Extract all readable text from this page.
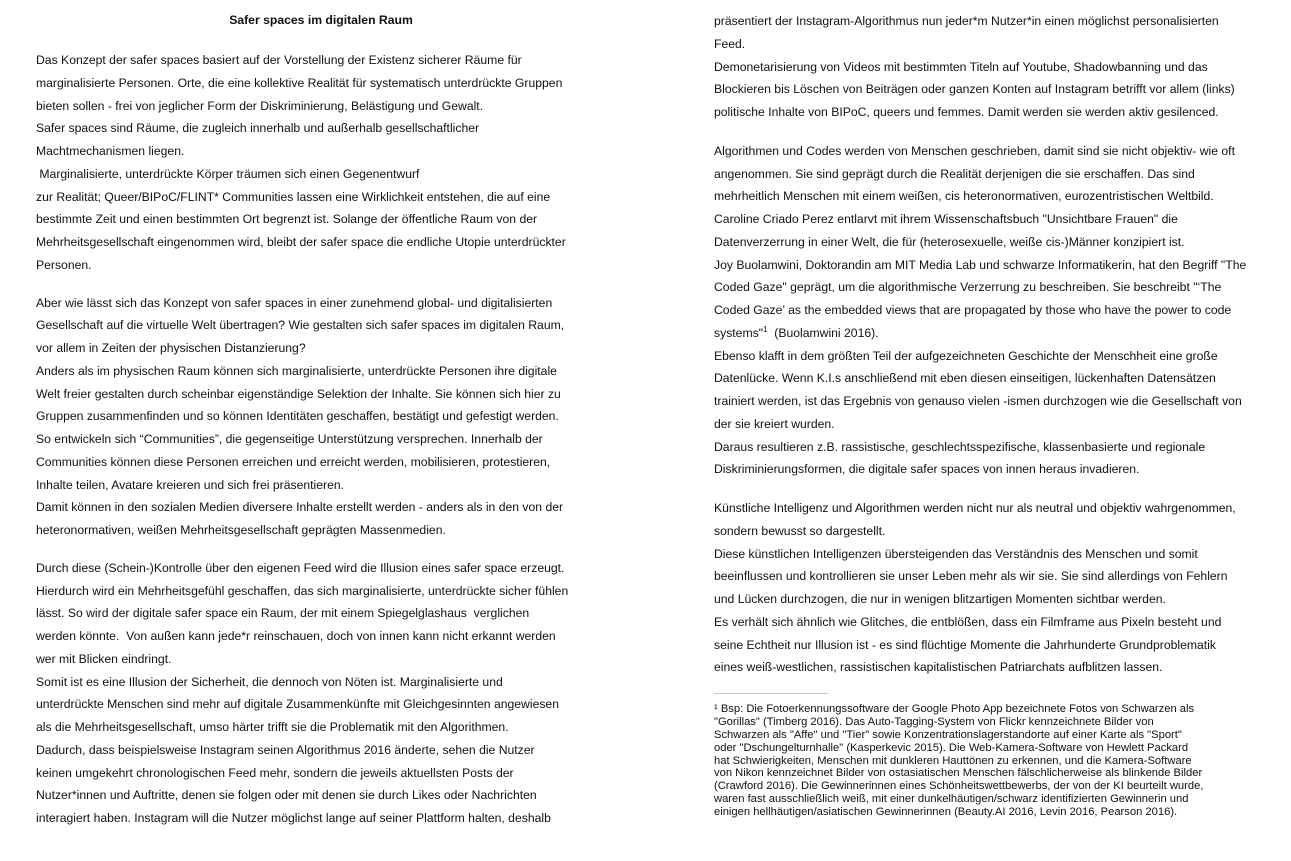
Safer spaces im digitalen Raum
Das Konzept der safer spaces basiert auf der Vorstellung der Existenz sicherer Räume für
marginalisierte Personen. Orte, die eine kollektive Realität für systematisch unterdrückte Gruppen
bieten sollen - frei von jeglicher Form der Diskriminierung, Belästigung und Gewalt.
Safer spaces sind Räume, die zugleich innerhalb und außerhalb gesellschaftlicher
Machtmechanismen liegen.
Marginalisierte, unterdrückte Körper träumen sich einen Gegenentwurf
zur Realität; Queer/BIPoC/FLINT* Communities lassen eine Wirklichkeit entstehen, die auf eine
bestimmte Zeit und einen bestimmten Ort begrenzt ist. Solange der öffentliche Raum von der
Mehrheitsgesellschaft eingenommen wird, bleibt der safer space die endliche Utopie unterdrückter
Personen.
Aber wie lässt sich das Konzept von safer spaces in einer zunehmend global- und digitalisierten
Gesellschaft auf die virtuelle Welt übertragen? Wie gestalten sich safer spaces im digitalen Raum,
vor allem in Zeiten der physischen Distanzierung?
Anders als im physischen Raum können sich marginalisierte, unterdrückte Personen ihre digitale
Welt freier gestalten durch scheinbar eigenständige Selektion der Inhalte. Sie können sich hier zu
Gruppen zusammenfinden und so können Identitäten geschaffen, bestätigt und gefestigt werden.
So entwickeln sich “Communities”, die gegenseitige Unterstützung versprechen. Innerhalb der
Communities können diese Personen erreichen und erreicht werden, mobilisieren, protestieren,
Inhalte teilen, Avatare kreieren und sich frei präsentieren.
Damit können in den sozialen Medien diversere Inhalte erstellt werden - anders als in den von der
heteronormativen, weißen Mehrheitsgesellschaft geprägten Massenmedien.
Durch diese (Schein-)Kontrolle über den eigenen Feed wird die Illusion eines safer space erzeugt.
Hierdurch wird ein Mehrheitsgefühl geschaffen, das sich marginalisierte, unterdrückte sicher fühlen
lässt. So wird der digitale safer space ein Raum, der mit einem Spiegelglashaus  verglichen
werden könnte.  Von außen kann jede*r reinschauen, doch von innen kann nicht erkannt werden
wer mit Blicken eindringt.
Somit ist es eine Illusion der Sicherheit, die dennoch von Nöten ist. Marginalisierte und
unterdrückte Menschen sind mehr auf digitale Zusammenkünfte mit Gleichgesinnten angewiesen
als die Mehrheitsgesellschaft, umso härter trifft sie die Problematik mit den Algorithmen.
Dadurch, dass beispielsweise Instagram seinen Algorithmus 2016 änderte, sehen die Nutzer
keinen umgekehrt chronologischen Feed mehr, sondern die jeweils aktuellsten Posts der
Nutzer*innen und Auftritte, denen sie folgen oder mit denen sie durch Likes oder Nachrichten
interagiert haben. Instagram will die Nutzer möglichst lange auf seiner Plattform halten, deshalb
präsentiert der Instagram-Algorithmus nun jeder*m Nutzer*in einen möglichst personalisierten
Feed.
Demonetarisierung von Videos mit bestimmten Titeln auf Youtube, Shadowbanning und das
Blockieren bis Löschen von Beiträgen oder ganzen Konten auf Instagram betrifft vor allem (links)
politische Inhalte von BIPoC, queers und femmes. Damit werden sie werden aktiv gesilenced.
Algorithmen und Codes werden von Menschen geschrieben, damit sind sie nicht objektiv- wie oft
angenommen. Sie sind geprägt durch die Realität derjenigen die sie erschaffen. Das sind
mehrheitlich Menschen mit einem weißen, cis heteronormativen, eurozentristischen Weltbild.
Caroline Criado Perez entlarvt mit ihrem Wissenschaftsbuch "Unsichtbare Frauen" die
Datenverzerrung in einer Welt, die für (heterosexuelle, weiße cis-)Männer konzipiert ist.
Joy Buolamwini, Doktorandin am MIT Media Lab und schwarze Informatikerin, hat den Begriff "The
Coded Gaze" geprägt, um die algorithmische Verzerrung zu beschreiben. Sie beschreibt "‘The
Coded Gaze’ as the embedded views that are propagated by those who have the power to code
systems"$^1$ (Buolamwini 2016).
Ebenso klafft in dem größten Teil der aufgezeichneten Geschichte der Menschheit eine große
Datenlücke. Wenn K.I.s anschließend mit eben diesen einseitigen, lückenhaften Datensätzen
trainiert werden, ist das Ergebnis von genauso vielen -ismen durchzogen wie die Gesellschaft von
der sie kreiert wurden.
Daraus resultieren z.B. rassistische, geschlechtsspezifische, klassenbasierte und regionale
Diskriminierungsformen, die digitale safer spaces von innen heraus invadieren.
Künstliche Intelligenz und Algorithmen werden nicht nur als neutral und objektiv wahrgenommen,
sondern bewusst so dargestellt.
Diese künstlichen Intelligenzen übersteigenden das Verständnis des Menschen und somit
beeinflussen und kontrollieren sie unser Leben mehr als wir sie. Sie sind allerdings von Fehlern
und Lücken durchzogen, die nur in wenigen blitzartigen Momenten sichtbar werden.
Es verhält sich ähnlich wie Glitches, die entblößen, dass ein Filmframe aus Pixeln besteht und
seine Echtheit nur Illusion ist - es sind flüchtige Momente die Jahrhunderte Grundproblematik
eines weiß-westlichen, rassistischen kapitalistischen Patriarchats aufblitzen lassen.
¹ Bsp: Die Fotoerkennungssoftware der Google Photo App bezeichnete Fotos von Schwarzen als
"Gorillas" (Timberg 2016). Das Auto-Tagging-System von Flickr kennzeichnete Bilder von
Schwarzen als "Affe" und "Tier" sowie Konzentrationslagerstandorte auf einer Karte als "Sport"
oder "Dschungelturnhalle" (Kasperkevic 2015). Die Web-Kamera-Software von Hewlett Packard
hat Schwierigkeiten, Menschen mit dunkleren Hauttönen zu erkennen, und die Kamera-Software
von Nikon kennzeichnet Bilder von ostasiatischen Menschen fälschlicherweise als blinkende Bilder
(Crawford 2016). Die Gewinnerinnen eines Schönheitswettbewerbs, der von der KI beurteilt wurde,
waren fast ausschließlich weiß, mit einer dunkelhäutigen/schwarz identifizierten Gewinnerin und
einigen hellhäutigen/asiatischen Gewinnerinnen (Beauty.AI 2016, Levin 2016, Pearson 2016).
